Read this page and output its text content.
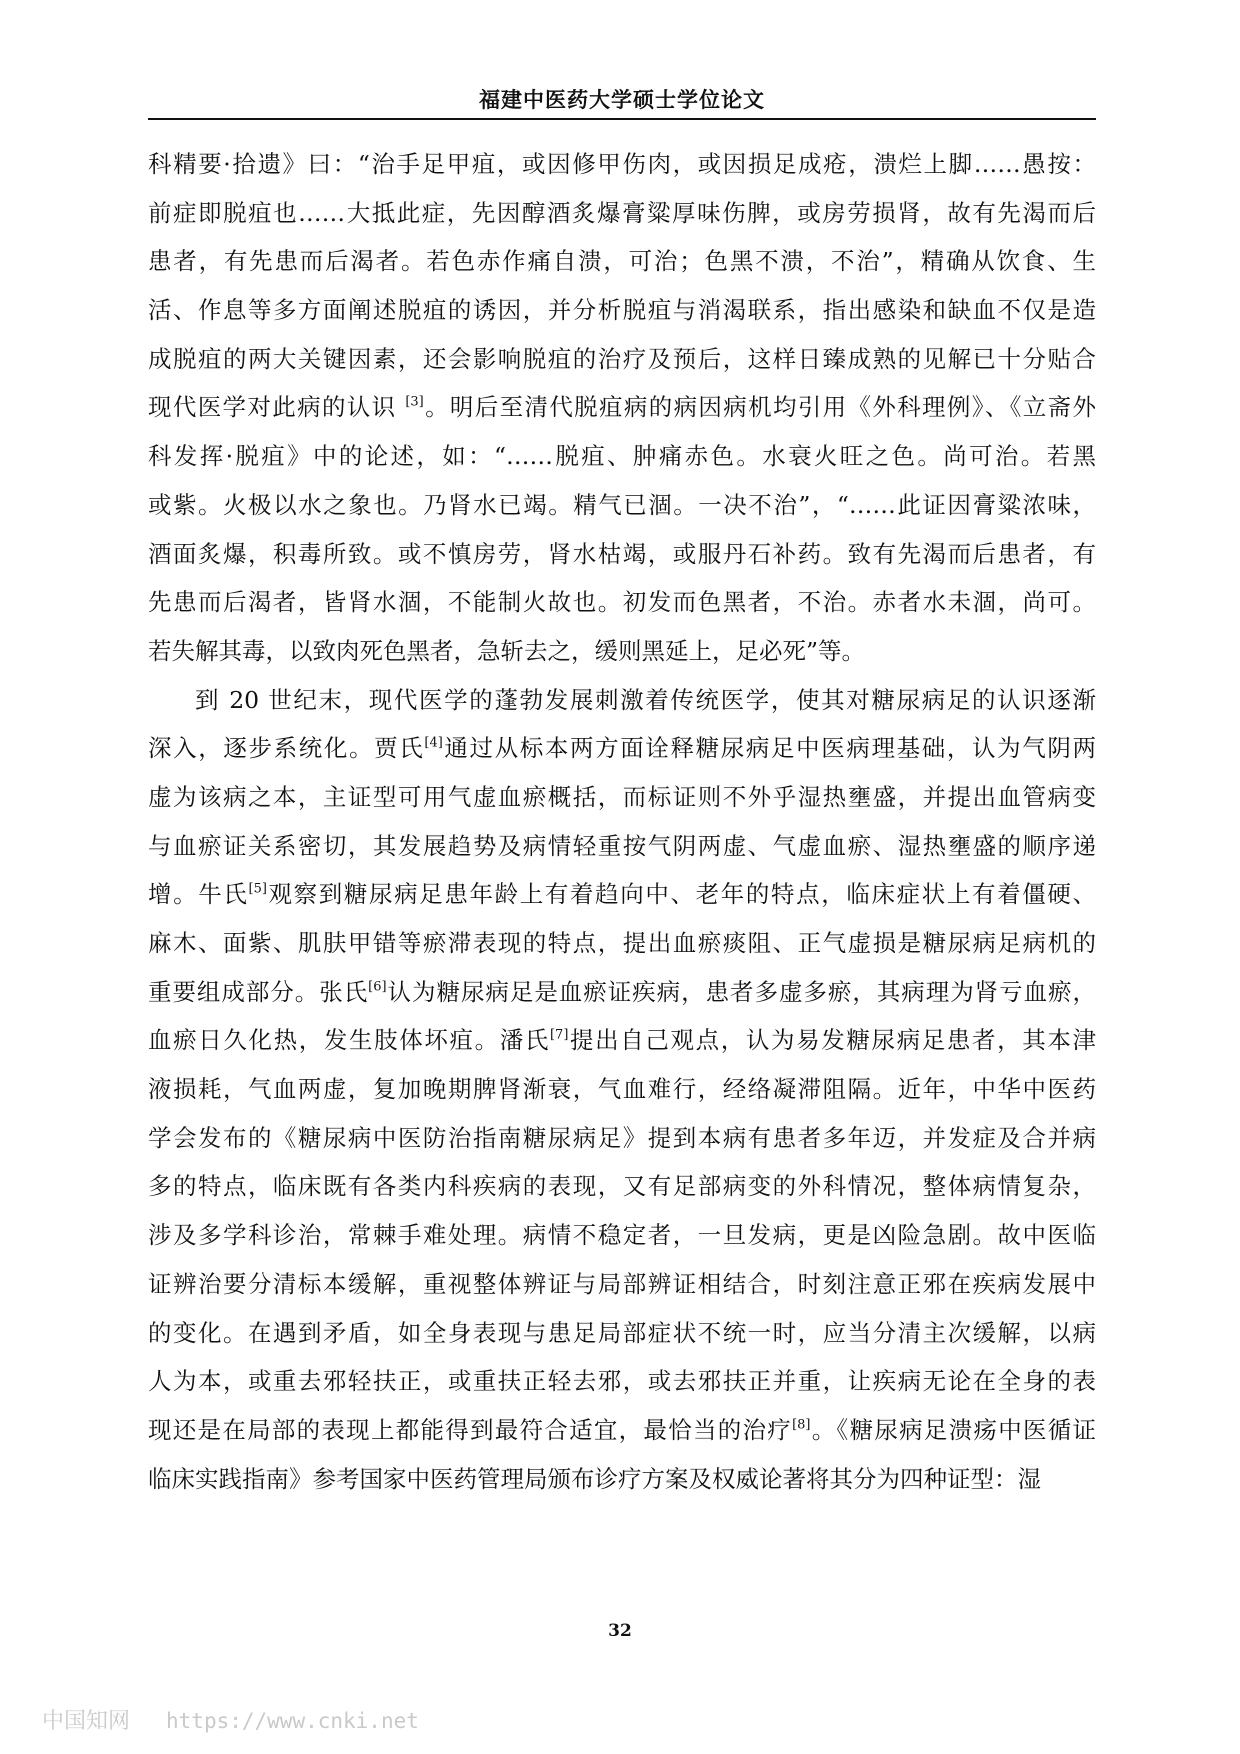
福建中医药大学硕士学位论文
科精要·拾遗》曰：“治手足甲疽，或因修甲伤肉，或因损足成疮，溃烂上脚……愚按：
前症即脱疽也……大抵此症，先因醇酒炙爆膏粱厚味伤脾，或房劳损肾，故有先渴而后
患者，有先患而后渴者。若色赤作痛自溃，可治；色黑不溃，不治”，精确从饮食、生
活、作息等多方面阐述脱疽的诱因，并分析脱疽与消渴联系，指出感染和缺血不仅是造
成脱疽的两大关键因素，还会影响脱疽的治疗及预后，这样日臻成熟的见解已十分贴合
现代医学对此病的认识 [3]。明后至清代脱疽病的病因病机均引用《外科理例》、《立斋外
科发挥·脱疽》中的论述，如：“……脱疽、肿痛赤色。水衰火旺之色。尚可治。若黑
或紫。火极以水之象也。乃肾水已竭。精气已涸。一决不治”，“……此证因膏粱浓味，
酒面炙爆，积毒所致。或不慎房劳，肾水枯竭，或服丹石补药。致有先渴而后患者，有
先患而后渴者，皆肾水涸，不能制火故也。初发而色黑者，不治。赤者水未涸，尚可。
若失解其毒，以致肉死色黑者，急斩去之，缓则黑延上，足必死”等。
到 20 世纪末，现代医学的蓬勃发展刺激着传统医学，使其对糖尿病足的认识逐渐
深入，逐步系统化。贾氏[4]通过从标本两方面诠释糖尿病足中医病理基础，认为气阴两
虚为该病之本，主证型可用气虚血瘀概括，而标证则不外乎湿热壅盛，并提出血管病变
与血瘀证关系密切，其发展趋势及病情轻重按气阴两虚、气虚血瘀、湿热壅盛的顺序递
增。牛氏[5]观察到糖尿病足患年龄上有着趋向中、老年的特点，临床症状上有着僵硬、
麻木、面紫、肌肤甲错等瘀滞表现的特点，提出血瘀痰阻、正气虚损是糖尿病足病机的
重要组成部分。张氏[6]认为糖尿病足是血瘀证疾病，患者多虚多瘀，其病理为肾亏血瘀，
血瘀日久化热，发生肢体坏疽。潘氏[7]提出自己观点，认为易发糖尿病足患者，其本津
液损耗，气血两虚，复加晚期脾肾渐衰，气血难行，经络凝滞阻隔。近年，中华中医药
学会发布的《糖尿病中医防治指南糖尿病足》提到本病有患者多年迈，并发症及合并病
多的特点，临床既有各类内科疾病的表现，又有足部病变的外科情况，整体病情复杂，
涉及多学科诊治，常棘手难处理。病情不稳定者，一旦发病，更是凶险急剧。故中医临
证辨治要分清标本缓解，重视整体辨证与局部辨证相结合，时刻注意正邪在疾病发展中
的变化。在遇到矛盾，如全身表现与患足局部症状不统一时，应当分清主次缓解，以病
人为本，或重去邪轻扶正，或重扶正轻去邪，或去邪扶正并重，让疾病无论在全身的表
现还是在局部的表现上都能得到最符合适宜，最恰当的治疗[8]。《糖尿病足溃疡中医循证
临床实践指南》参考国家中医药管理局颁布诊疗方案及权威论著将其分为四种证型：湿
32
中国知网 https://www.cnki.net
